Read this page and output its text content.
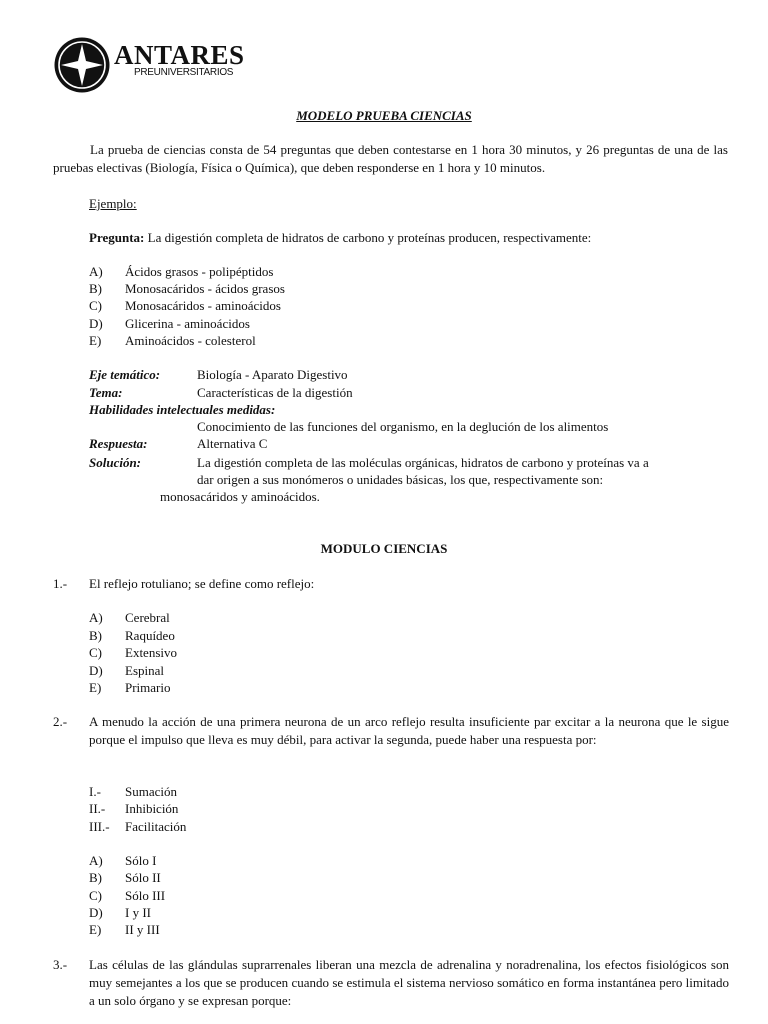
ANTARES
PREUNIVERSITARIOS
MODELO PRUEBA CIENCIAS
La prueba de ciencias consta de 54 preguntas que deben contestarse en 1 hora 30 minutos, y 26 preguntas de una de las pruebas electivas (Biología, Física o Química), que deben responderse en 1 hora y 10 minutos.
Ejemplo:
Pregunta: La digestión completa de hidratos de carbono y proteínas producen, respectivamente:
A) Ácidos grasos - polipéptidos
B) Monosacáridos - ácidos grasos
C) Monosacáridos - aminoácidos
D) Glicerina - aminoácidos
E) Aminoácidos - colesterol
Eje temático:	Biología - Aparato Digestivo
Tema:	Características de la digestión
Habilidades intelectuales medidas:
Conocimiento de las funciones del organismo, en la deglución de los alimentos
Respuesta:	Alternativa C
Solución:	La digestión completa de las moléculas orgánicas, hidratos de carbono y proteínas va a
dar origen a sus monómeros o unidades básicas, los que, respectivamente son:
monosacáridos y aminoácidos.
MODULO CIENCIAS
1.- El reflejo rotuliano; se define como reflejo:
A) Cerebral
B) Raquídeo
C) Extensivo
D) Espinal
E) Primario
2.- A menudo la acción de una primera neurona de un arco reflejo resulta insuficiente par excitar a la neurona que le sigue porque el impulso que lleva es muy débil, para activar la segunda, puede haber una respuesta por:
I.- Sumación
II.- Inhibición
III.- Facilitación
A) Sólo I
B) Sólo II
C) Sólo III
D) I y II
E) II y III
3.- Las células de las glándulas suprarrenales liberan una mezcla de adrenalina y noradrenalina, los efectos fisiológicos son muy semejantes a los que se producen cuando se estimula el sistema nervioso somático en forma instantánea pero limitado a un solo órgano y se expresan porque:
